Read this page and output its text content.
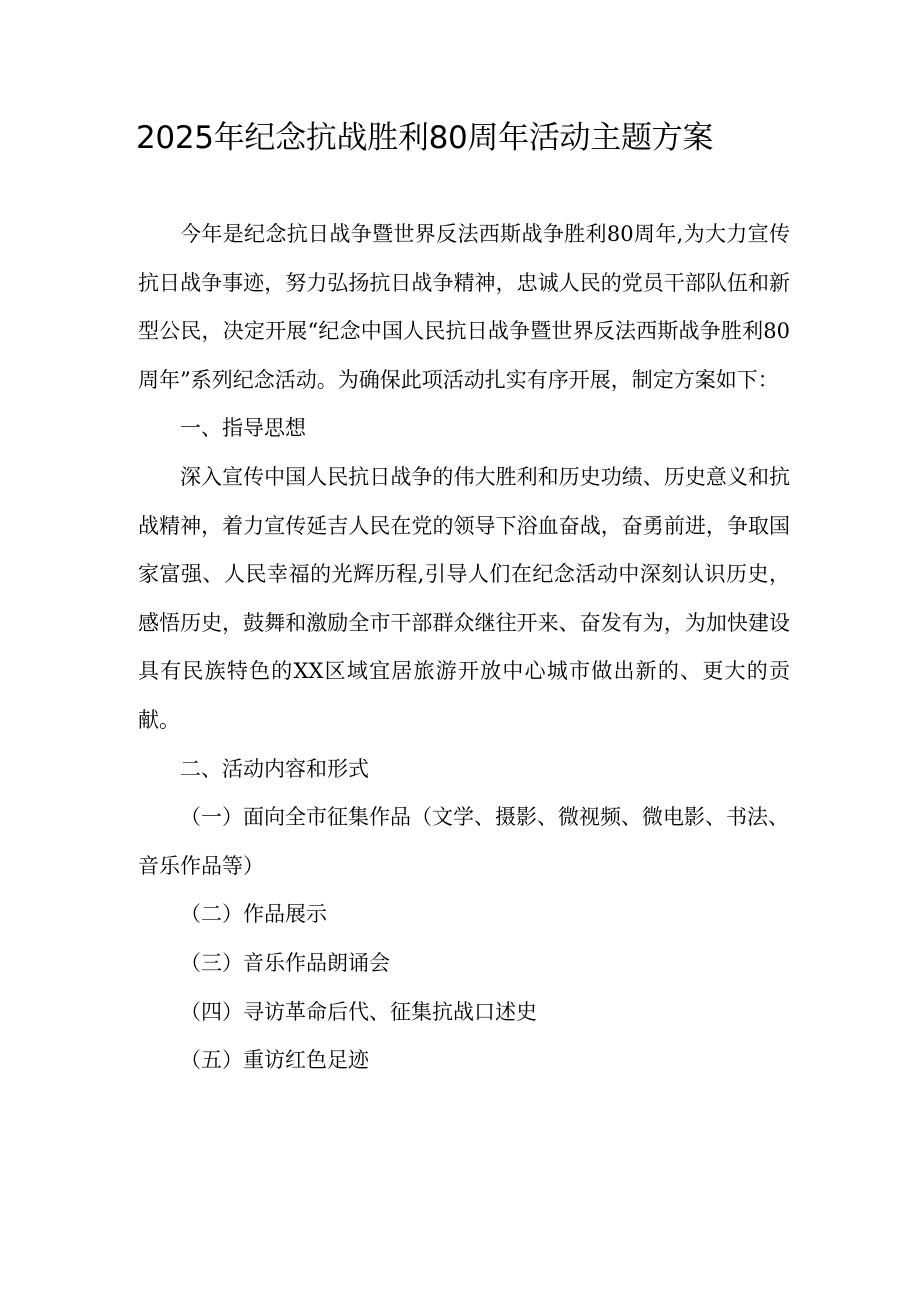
2025年纪念抗战胜利80周年活动主题方案

今年是纪念抗日战争暨世界反法西斯战争胜利80周年,为大力宣传抗日战争事迹，努力弘扬抗日战争精神，忠诚人民的党员干部队伍和新型公民，决定开展“纪念中国人民抗日战争暨世界反法西斯战争胜利80周年”系列纪念活动。为确保此项活动扎实有序开展，制定方案如下：

一、指导思想

深入宣传中国人民抗日战争的伟大胜利和历史功绩、历史意义和抗战精神，着力宣传延吉人民在党的领导下浴血奋战，奋勇前进，争取国家富强、人民幸福的光辉历程,引导人们在纪念活动中深刻认识历史，感悟历史，鼓舞和激励全市干部群众继往开来、奋发有为，为加快建设具有民族特色的XX区域宜居旅游开放中心城市做出新的、更大的贡献。

二、活动内容和形式

（一）面向全市征集作品（文学、摄影、微视频、微电影、书法、音乐作品等）

（二）作品展示

（三）音乐作品朗诵会

（四）寻访革命后代、征集抗战口述史

（五）重访红色足迹
